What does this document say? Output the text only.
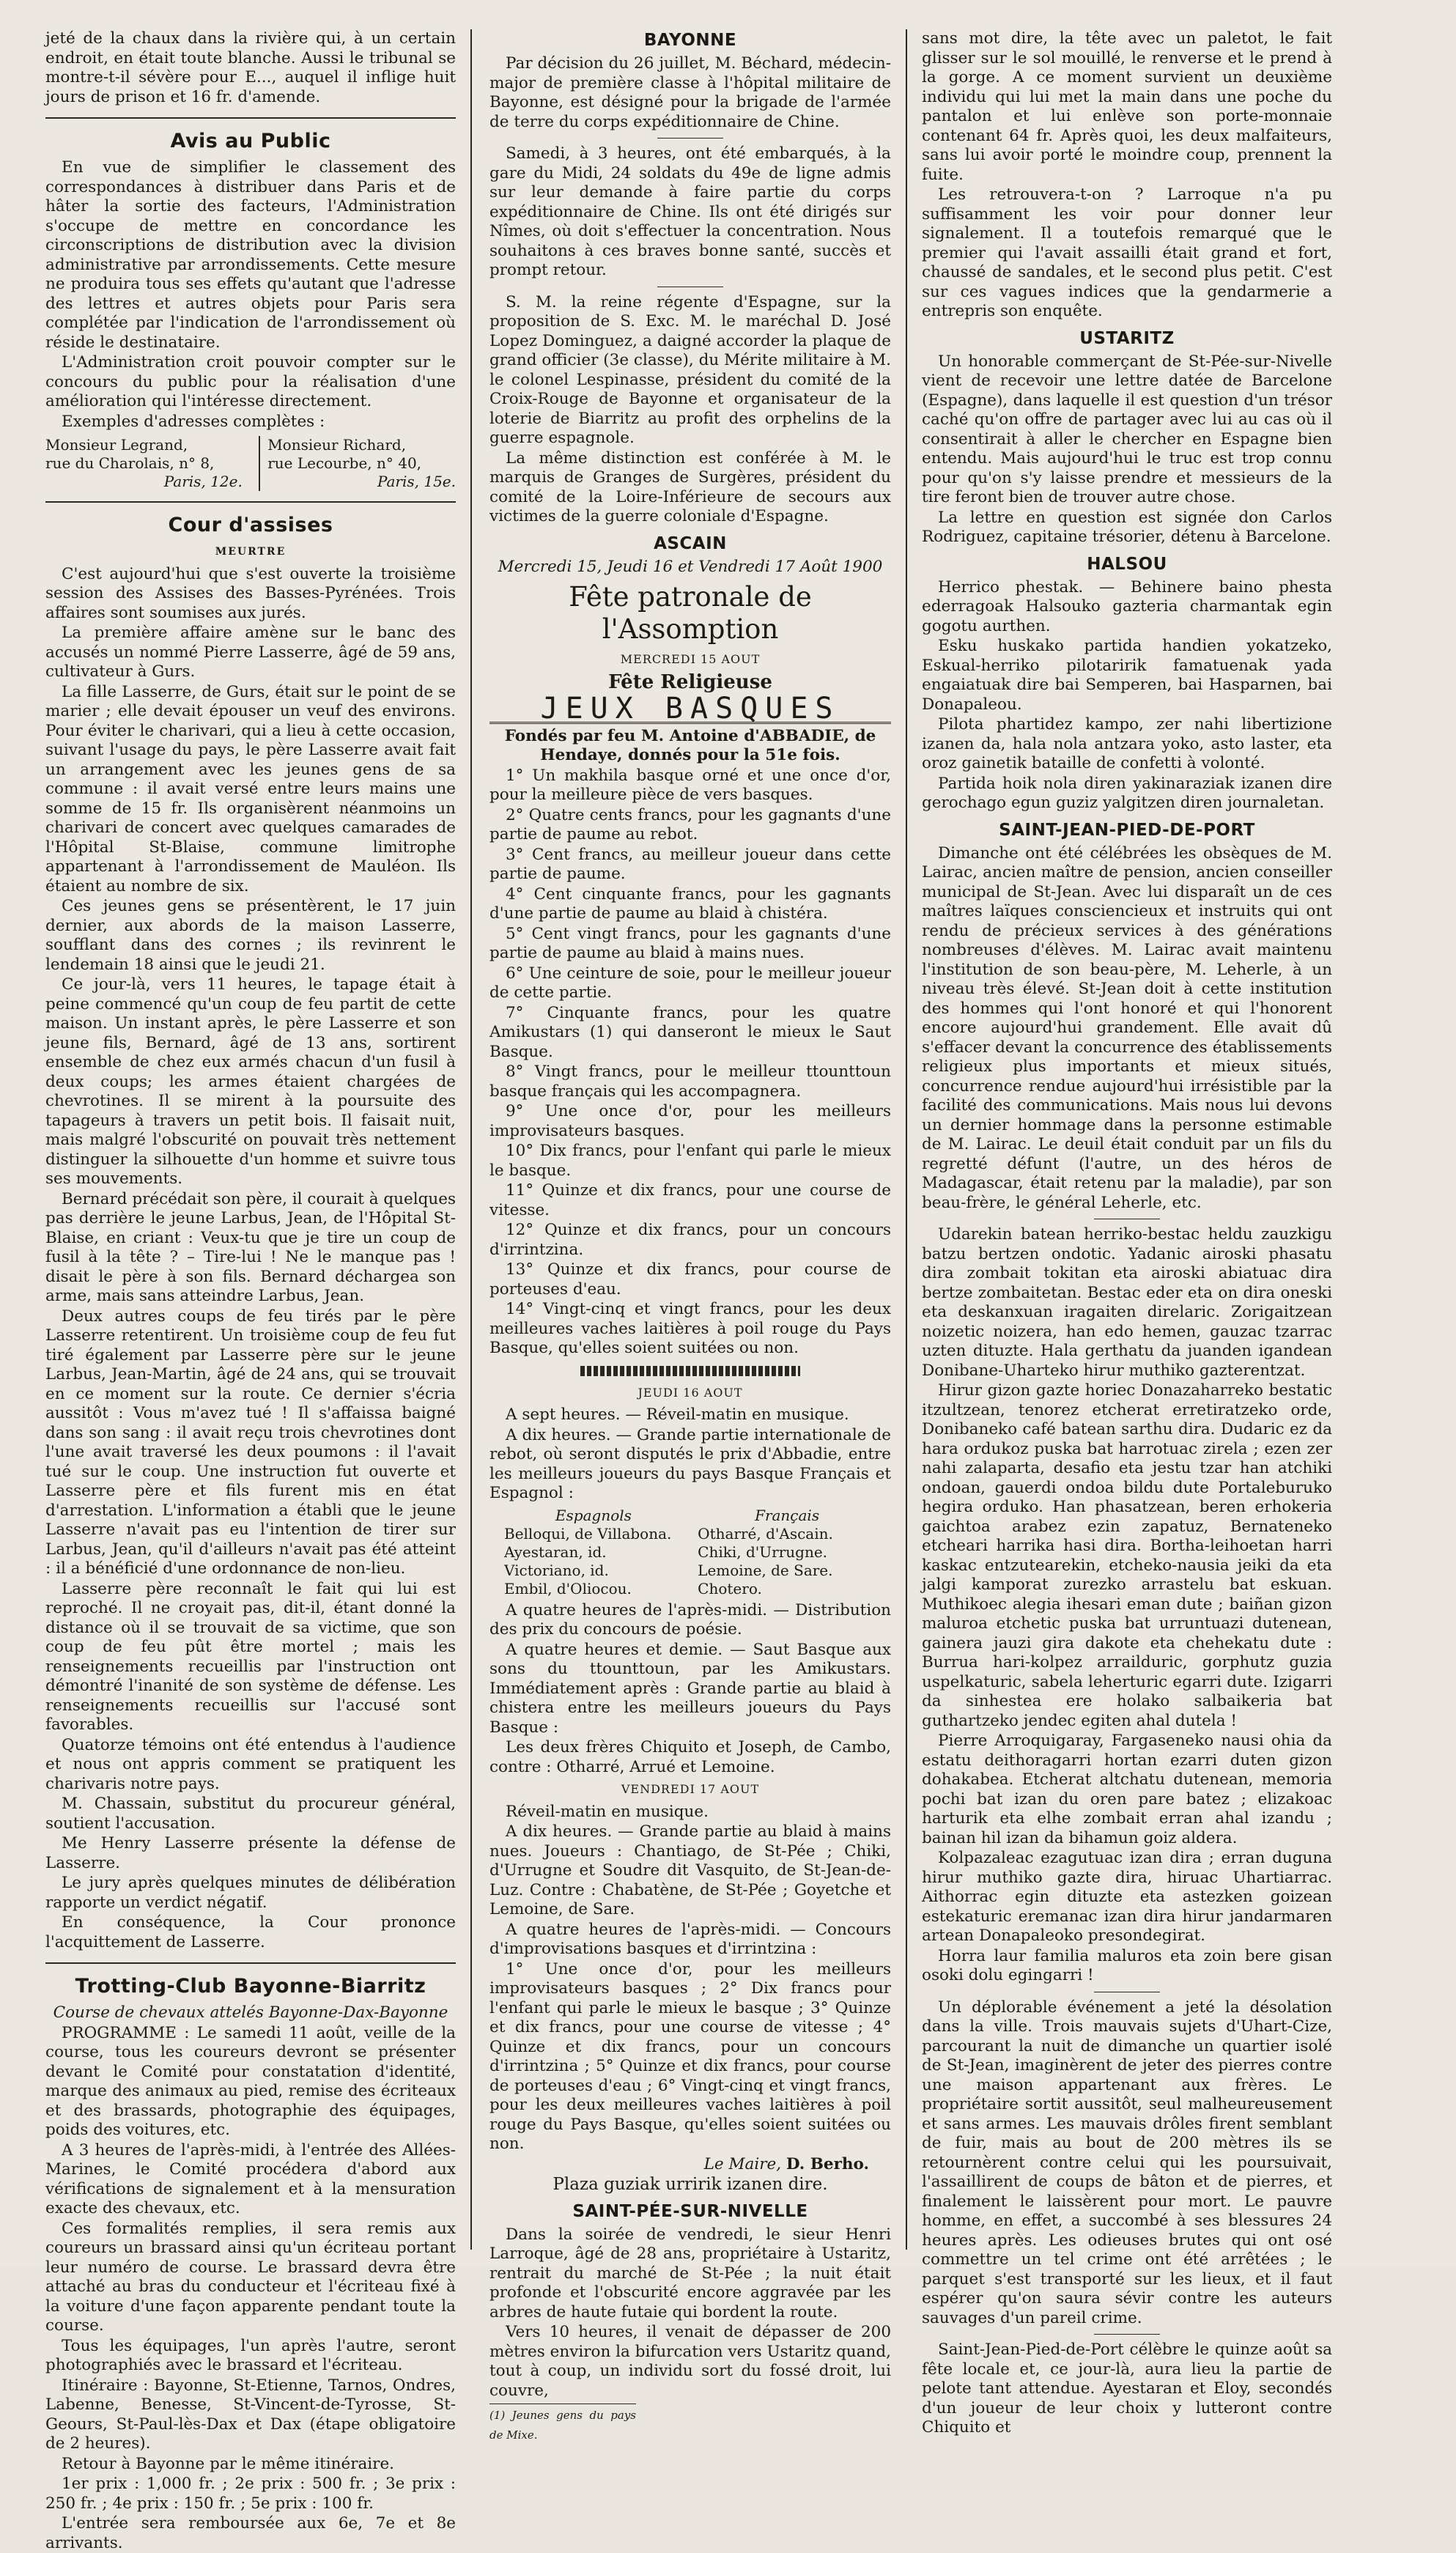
jeté de la chaux dans la rivière qui, à un certain endroit, en était toute blanche. Aussi le tribunal se montre-t-il sévère pour E..., auquel il inflige huit jours de prison et 16 fr. d'amende.

Avis au Public

En vue de simplifier le classement des correspondances à distribuer dans Paris et de hâter la sortie des facteurs, l'Administration s'occupe de mettre en concordance les circonscriptions de distribution avec la division administrative par arrondissements. Cette mesure ne produira tous ses effets qu'autant que l'adresse des lettres et autres objets pour Paris sera complétée par l'indication de l'arrondissement où réside le destinataire.

L'Administration croit pouvoir compter sur le concours du public pour la réalisation d'une amélioration qui l'intéresse directement.

Exemples d'adresses complètes :

Monsieur Legrand,
rue du Charolais, n° 8,
Paris, 12e.
Monsieur Richard,
rue Lecourbe, n° 40,
Paris, 15e.
Cour d'assises
MEURTRE

C'est aujourd'hui que s'est ouverte la troisième session des Assises des Basses-Pyrénées. Trois affaires sont soumises aux jurés.

La première affaire amène sur le banc des accusés un nommé Pierre Lasserre, âgé de 59 ans, cultivateur à Gurs.

La fille Lasserre, de Gurs, était sur le point de se marier ; elle devait épouser un veuf des environs. Pour éviter le charivari, qui a lieu à cette occasion, suivant l'usage du pays, le père Lasserre avait fait un arrangement avec les jeunes gens de sa commune : il avait versé entre leurs mains une somme de 15 fr. Ils organisèrent néanmoins un charivari de concert avec quelques camarades de l'Hôpital St-Blaise, commune limitrophe appartenant à l'arrondissement de Mauléon. Ils étaient au nombre de six.

Ces jeunes gens se présentèrent, le 17 juin dernier, aux abords de la maison Lasserre, soufflant dans des cornes ; ils revinrent le lendemain 18 ainsi que le jeudi 21.

Ce jour-là, vers 11 heures, le tapage était à peine commencé qu'un coup de feu partit de cette maison. Un instant après, le père Lasserre et son jeune fils, Bernard, âgé de 13 ans, sortirent ensemble de chez eux armés chacun d'un fusil à deux coups; les armes étaient chargées de chevrotines. Il se mirent à la poursuite des tapageurs à travers un petit bois. Il faisait nuit, mais malgré l'obscurité on pouvait très nettement distinguer la silhouette d'un homme et suivre tous ses mouvements.

Bernard précédait son père, il courait à quelques pas derrière le jeune Larbus, Jean, de l'Hôpital St-Blaise, en criant : Veux-tu que je tire un coup de fusil à la tête ? – Tire-lui ! Ne le manque pas ! disait le père à son fils. Bernard déchargea son arme, mais sans atteindre Larbus, Jean.

Deux autres coups de feu tirés par le père Lasserre retentirent. Un troisième coup de feu fut tiré également par Lasserre père sur le jeune Larbus, Jean-Martin, âgé de 24 ans, qui se trouvait en ce moment sur la route. Ce dernier s'écria aussitôt : Vous m'avez tué ! Il s'affaissa baigné dans son sang : il avait reçu trois chevrotines dont l'une avait traversé les deux poumons : il l'avait tué sur le coup. Une instruction fut ouverte et Lasserre père et fils furent mis en état d'arrestation. L'information a établi que le jeune Lasserre n'avait pas eu l'intention de tirer sur Larbus, Jean, qu'il d'ailleurs n'avait pas été atteint : il a bénéficié d'une ordonnance de non-lieu.

Lasserre père reconnaît le fait qui lui est reproché. Il ne croyait pas, dit-il, étant donné la distance où il se trouvait de sa victime, que son coup de feu pût être mortel ; mais les renseignements recueillis par l'instruction ont démontré l'inanité de son système de défense. Les renseignements recueillis sur l'accusé sont favorables.

Quatorze témoins ont été entendus à l'audience et nous ont appris comment se pratiquent les charivaris notre pays.

M. Chassain, substitut du procureur général, soutient l'accusation.

Me Henry Lasserre présente la défense de Lasserre.

Le jury après quelques minutes de délibération rapporte un verdict négatif.

En conséquence, la Cour prononce l'acquittement de Lasserre.

Trotting-Club Bayonne-Biarritz

Course de chevaux attelés Bayonne-Dax-Bayonne

PROGRAMME : Le samedi 11 août, veille de la course, tous les coureurs devront se présenter devant le Comité pour constatation d'identité, marque des animaux au pied, remise des écriteaux et des brassards, photographie des équipages, poids des voitures, etc.

A 3 heures de l'après-midi, à l'entrée des Allées-Marines, le Comité procédera d'abord aux vérifications de signalement et à la mensuration exacte des chevaux, etc.

Ces formalités remplies, il sera remis aux coureurs un brassard ainsi qu'un écriteau portant leur numéro de course. Le brassard devra être attaché au bras du conducteur et l'écriteau fixé à la voiture d'une façon apparente pendant toute la course.

Tous les équipages, l'un après l'autre, seront photographiés avec le brassard et l'écriteau.

Itinéraire : Bayonne, St-Etienne, Tarnos, Ondres, Labenne, Benesse, St-Vincent-de-Tyrosse, St-Geours, St-Paul-lès-Dax et Dax (étape obligatoire de 2 heures).

Retour à Bayonne par le même itinéraire.

1er prix : 1,000 fr. ; 2e prix : 500 fr. ; 3e prix : 250 fr. ; 4e prix : 150 fr. ; 5e prix : 100 fr.

L'entrée sera remboursée aux 6e, 7e et 8e arrivants.

BAYONNE

Par décision du 26 juillet, M. Béchard, médecin-major de première classe à l'hôpital militaire de Bayonne, est désigné pour la brigade de l'armée de terre du corps expéditionnaire de Chine.

Samedi, à 3 heures, ont été embarqués, à la gare du Midi, 24 soldats du 49e de ligne admis sur leur demande à faire partie du corps expéditionnaire de Chine. Ils ont été dirigés sur Nîmes, où doit s'effectuer la concentration. Nous souhaitons à ces braves bonne santé, succès et prompt retour.

S. M. la reine régente d'Espagne, sur la proposition de S. Exc. M. le maréchal D. José Lopez Dominguez, a daigné accorder la plaque de grand officier (3e classe), du Mérite militaire à M. le colonel Lespinasse, président du comité de la Croix-Rouge de Bayonne et organisateur de la loterie de Biarritz au profit des orphelins de la guerre espagnole.

La même distinction est conférée à M. le marquis de Granges de Surgères, président du comité de la Loire-Inférieure de secours aux victimes de la guerre coloniale d'Espagne.

ASCAIN

Mercredi 15, Jeudi 16 et Vendredi 17 Août 1900

Fête patronale de l'Assomption
MERCREDI 15 AOUT
Fête Religieuse
JEUX BASQUES

Fondés par feu M. Antoine d'ABBADIE, de Hendaye, donnés pour la 51e fois.

1° Un makhila basque orné et une once d'or, pour la meilleure pièce de vers basques.

2° Quatre cents francs, pour les gagnants d'une partie de paume au rebot.

3° Cent francs, au meilleur joueur dans cette partie de paume.

4° Cent cinquante francs, pour les gagnants d'une partie de paume au blaid à chistéra.

5° Cent vingt francs, pour les gagnants d'une partie de paume au blaid à mains nues.

6° Une ceinture de soie, pour le meilleur joueur de cette partie.

7° Cinquante francs, pour les quatre Amikustars (1) qui danseront le mieux le Saut Basque.

8° Vingt francs, pour le meilleur ttounttoun basque français qui les accompagnera.

9° Une once d'or, pour les meilleurs improvisateurs basques.

10° Dix francs, pour l'enfant qui parle le mieux le basque.

11° Quinze et dix francs, pour une course de vitesse.

12° Quinze et dix francs, pour un concours d'irrintzina.

13° Quinze et dix francs, pour course de porteuses d'eau.

14° Vingt-cinq et vingt francs, pour les deux meilleures vaches laitières à poil rouge du Pays Basque, qu'elles soient suitées ou non.

JEUDI 16 AOUT

A sept heures. — Réveil-matin en musique.

A dix heures. — Grande partie internationale de rebot, où seront disputés le prix d'Abbadie, entre les meilleurs joueurs du pays Basque Français et Espagnol :

Espagnols
Belloqui, de Villabona.
Ayestaran, id.
Victoriano, id.
Embil, d'Oliocou.
Français
Otharré, d'Ascain.
Chiki, d'Urrugne.
Lemoine, de Sare.
Chotero.

A quatre heures de l'après-midi. — Distribution des prix du concours de poésie.

A quatre heures et demie. — Saut Basque aux sons du ttounttoun, par les Amikustars. Immédiatement après : Grande partie au blaid à chistera entre les meilleurs joueurs du Pays Basque :

Les deux frères Chiquito et Joseph, de Cambo, contre : Otharré, Arrué et Lemoine.

VENDREDI 17 AOUT

Réveil-matin en musique.

A dix heures. — Grande partie au blaid à mains nues. Joueurs : Chantiago, de St-Pée ; Chiki, d'Urrugne et Soudre dit Vasquito, de St-Jean-de-Luz. Contre : Chabatène, de St-Pée ; Goyetche et Lemoine, de Sare.

A quatre heures de l'après-midi. — Concours d'improvisations basques et d'irrintzina :

1° Une once d'or, pour les meilleurs improvisateurs basques ; 2° Dix francs pour l'enfant qui parle le mieux le basque ; 3° Quinze et dix francs, pour une course de vitesse ; 4° Quinze et dix francs, pour un concours d'irrintzina ; 5° Quinze et dix francs, pour course de porteuses d'eau ; 6° Vingt-cinq et vingt francs, pour les deux meilleures vaches laitières à poil rouge du Pays Basque, qu'elles soient suitées ou non.

Le Maire, D. Berho.

Plaza guziak urririk izanen dire.

SAINT-PÉE-SUR-NIVELLE

Dans la soirée de vendredi, le sieur Henri Larroque, âgé de 28 ans, propriétaire à Ustaritz, rentrait du marché de St-Pée ; la nuit était profonde et l'obscurité encore aggravée par les arbres de haute futaie qui bordent la route.

Vers 10 heures, il venait de dépasser de 200 mètres environ la bifurcation vers Ustaritz quand, tout à coup, un individu sort du fossé droit, lui couvre,

(1) Jeunes gens du pays de Mixe.

sans mot dire, la tête avec un paletot, le fait glisser sur le sol mouillé, le renverse et le prend à la gorge. A ce moment survient un deuxième individu qui lui met la main dans une poche du pantalon et lui enlève son porte-monnaie contenant 64 fr. Après quoi, les deux malfaiteurs, sans lui avoir porté le moindre coup, prennent la fuite.

Les retrouvera-t-on ? Larroque n'a pu suffisamment les voir pour donner leur signalement. Il a toutefois remarqué que le premier qui l'avait assailli était grand et fort, chaussé de sandales, et le second plus petit. C'est sur ces vagues indices que la gendarmerie a entrepris son enquête.

USTARITZ

Un honorable commerçant de St-Pée-sur-Nivelle vient de recevoir une lettre datée de Barcelone (Espagne), dans laquelle il est question d'un trésor caché qu'on offre de partager avec lui au cas où il consentirait à aller le chercher en Espagne bien entendu. Mais aujourd'hui le truc est trop connu pour qu'on s'y laisse prendre et messieurs de la tire feront bien de trouver autre chose.

La lettre en question est signée don Carlos Rodriguez, capitaine trésorier, détenu à Barcelone.

HALSOU

Herrico phestak. — Behinere baino phesta ederragoak Halsouko gazteria charmantak egin gogotu aurthen.

Esku huskako partida handien yokatzeko, Eskual-herriko pilotaririk famatuenak yada engaiatuak dire bai Semperen, bai Hasparnen, bai Donapaleou.

Pilota phartidez kampo, zer nahi libertizione izanen da, hala nola antzara yoko, asto laster, eta oroz gainetik bataille de confetti à volonté.

Partida hoik nola diren yakinaraziak izanen dire gerochago egun guziz yalgitzen diren journaletan.

SAINT-JEAN-PIED-DE-PORT

Dimanche ont été célébrées les obsèques de M. Lairac, ancien maître de pension, ancien conseiller municipal de St-Jean. Avec lui disparaît un de ces maîtres laïques consciencieux et instruits qui ont rendu de précieux services à des générations nombreuses d'élèves. M. Lairac avait maintenu l'institution de son beau-père, M. Leherle, à un niveau très élevé. St-Jean doit à cette institution des hommes qui l'ont honoré et qui l'honorent encore aujourd'hui grandement. Elle avait dû s'effacer devant la concurrence des établissements religieux plus importants et mieux situés, concurrence rendue aujourd'hui irrésistible par la facilité des communications. Mais nous lui devons un dernier hommage dans la personne estimable de M. Lairac. Le deuil était conduit par un fils du regretté défunt (l'autre, un des héros de Madagascar, était retenu par la maladie), par son beau-frère, le général Leherle, etc.

Udarekin batean herriko-bestac heldu zauzkigu batzu bertzen ondotic. Yadanic airoski phasatu dira zombait tokitan eta airoski abiatuac dira bertze zombaitetan. Bestac eder eta on dira oneski eta deskanxuan iragaiten direlaric. Zorigaitzean noizetic noizera, han edo hemen, gauzac tzarrac uzten dituzte. Hala gerthatu da juanden igandean Donibane-Uharteko hirur muthiko gazterentzat.

Hirur gizon gazte horiec Donazaharreko bestatic itzultzean, tenorez etcherat erretiratzeko orde, Donibaneko café batean sarthu dira. Dudaric ez da hara ordukoz puska bat harrotuac zirela ; ezen zer nahi zalaparta, desafio eta jestu tzar han atchiki ondoan, gauerdi ondoa bildu dute Portaleburuko hegira orduko. Han phasatzean, beren erhokeria gaichtoa arabez ezin zapatuz, Bernateneko etcheari harrika hasi dira. Bortha-leihoetan harri kaskac entzutearekin, etcheko-nausia jeiki da eta jalgi kamporat zurezko arrastelu bat eskuan. Muthikoec alegia ihesari eman dute ; baiñan gizon maluroa etchetic puska bat urruntuazi dutenean, gainera jauzi gira dakote eta chehekatu dute : Burrua hari-kolpez arrailduric, gorphutz guzia uspelkaturic, sabela leherturic egarri dute. Izigarri da sinhestea ere holako salbaikeria bat guthartzeko jendec egiten ahal dutela !

Pierre Arroquigaray, Fargaseneko nausi ohia da estatu deithoragarri hortan ezarri duten gizon dohakabea. Etcherat altchatu dutenean, memoria pochi bat izan du oren pare batez ; elizakoac harturik eta elhe zombait erran ahal izandu ; bainan hil izan da bihamun goiz aldera.

Kolpazaleac ezagutuac izan dira ; erran duguna hirur muthiko gazte dira, hiruac Uhartiarrac. Aithorrac egin dituzte eta astezken goizean estekaturic eremanac izan dira hirur jandarmaren artean Donapaleoko presondegirat.

Horra laur familia maluros eta zoin bere gisan osoki dolu egingarri !

Un déplorable événement a jeté la désolation dans la ville. Trois mauvais sujets d'Uhart-Cize, parcourant la nuit de dimanche un quartier isolé de St-Jean, imaginèrent de jeter des pierres contre une maison appartenant aux frères. Le propriétaire sortit aussitôt, seul malheureusement et sans armes. Les mauvais drôles firent semblant de fuir, mais au bout de 200 mètres ils se retournèrent contre celui qui les poursuivait, l'assaillirent de coups de bâton et de pierres, et finalement le laissèrent pour mort. Le pauvre homme, en effet, a succombé à ses blessures 24 heures après. Les odieuses brutes qui ont osé commettre un tel crime ont été arrêtées ; le parquet s'est transporté sur les lieux, et il faut espérer qu'on saura sévir contre les auteurs sauvages d'un pareil crime.

Saint-Jean-Pied-de-Port célèbre le quinze août sa fête locale et, ce jour-là, aura lieu la partie de pelote tant attendue. Ayestaran et Eloy, secondés d'un joueur de leur choix y lutteront contre Chiquito et
